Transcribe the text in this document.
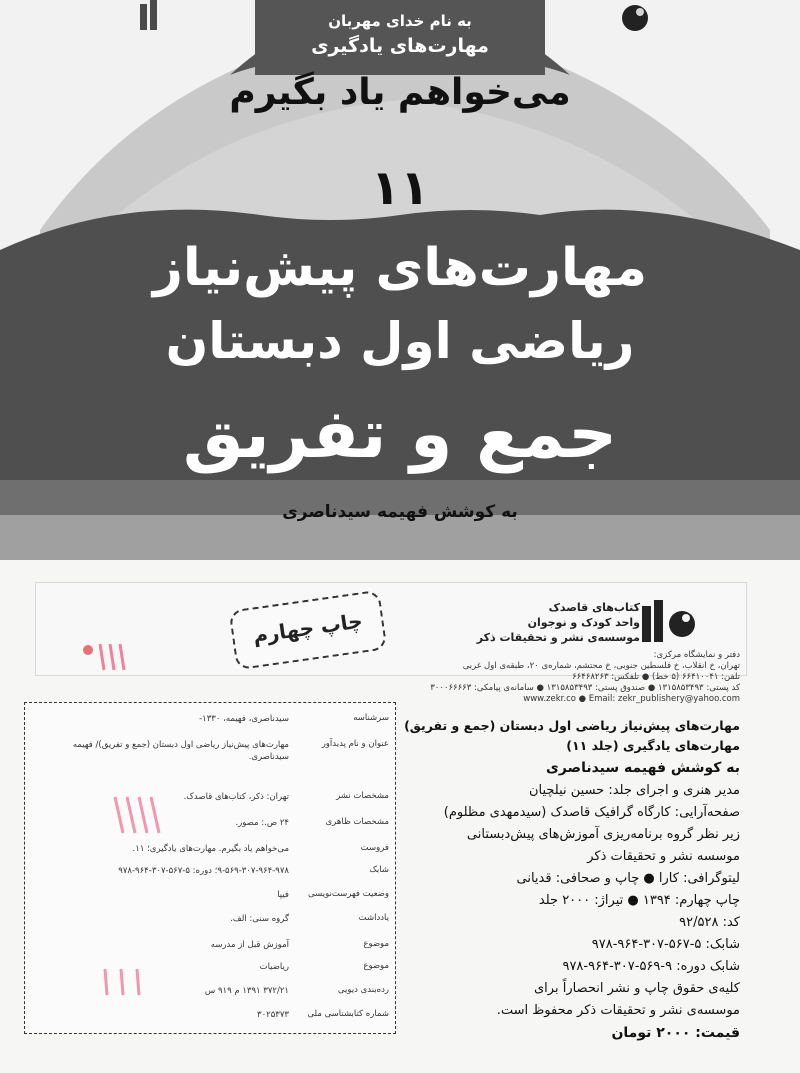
به نام خدای مهربان
مهارت‌های یادگیری
می‌خواهم یاد بگیرم
۱۱
مهارت‌های پیش‌نیاز
ریاضی اول دبستان
جمع و تفریق
به کوشش فهیمه سیدناصری
چاپ چهارم
کتاب‌های قاصدک
واحد کودک و نوجوان
موسسه‌ی نشر و تحقیقات ذکر
دفتر و نمایشگاه مرکزی:
تهران، خ انقلاب، خ فلسطین جنوبی، خ محتشم، شماره‌ی ۲۰، طبقه‌ی اول غربی
تلفن: ۶۶۴۱۰۰۴۱ (۵ خط) ● تلفکس: ۶۶۴۶۸۲۶۳
کد پستی: ۱۳۱۵۸۵۳۴۹۳ ● صندوق پستی: ۱۳۱۵۸۵۳۴۹۳ ● سامانه‌ی پیامکی: ۳۰۰۰۶۶۶۶۳
www.zekr.co ● Email: zekr_publishery@yahoo.com
مهارت‌های پیش‌نیاز ریاضی اول دبستان (جمع و تفریق)
مهارت‌های یادگیری (جلد ۱۱)
به کوشش فهیمه سیدناصری
مدیر هنری و اجرای جلد: حسین نیلچیان
صفحه‌آرایی: کارگاه گرافیک قاصدک (سیدمهدی مظلوم)
زیر نظر گروه برنامه‌ریزی آموزش‌های پیش‌دبستانی
موسسه نشر و تحقیقات ذکر
لیتوگرافی: کارا ● چاپ و صحافی: قدیانی
چاپ چهارم: ۱۳۹۴ ● تیراژ: ۲۰۰۰ جلد
کد: ۹۲/۵۲۸
شابک: ۵-۵۶۷-۳۰۷-۹۶۴-۹۷۸
شابک دوره: ۹-۵۶۹-۳۰۷-۹۶۴-۹۷۸
کلیه‌ی حقوق چاپ و نشر انحصاراً برای
موسسه‌ی نشر و تحقیقات ذکر محفوظ است.
قیمت: ۲۰۰۰ تومان
سرشناسه
سیدناصری، فهیمه، ۱۳۳۰-
عنوان و نام پدیدآور
مهارت‌های پیش‌نیاز ریاضی اول دبستان (جمع و تفریق)/ فهیمه سیدناصری.
مشخصات نشر
تهران: ذکر، کتاب‌های قاصدک.
مشخصات ظاهری
۲۴ ص.: مصور.
فروست
می‌خواهم یاد بگیرم. مهارت‌های یادگیری؛ ۱۱.
شابک
۹-۵۶۹-۳۰۷-۹۶۴-۹۷۸؛ دوره: ۵-۵۶۷-۳۰۷-۹۶۴-۹۷۸
وضعیت فهرست‌نویسی
فیپا
یادداشت
گروه سنی: الف.
موضوع
آموزش قبل از مدرسه
موضوع
ریاضیات
رده‌بندی دیویی
۳۷۲/۲۱ ۱۳۹۱ م ۹۱۹ س
شماره کتابشناسی ملی
۳۰۲۵۳۷۳
